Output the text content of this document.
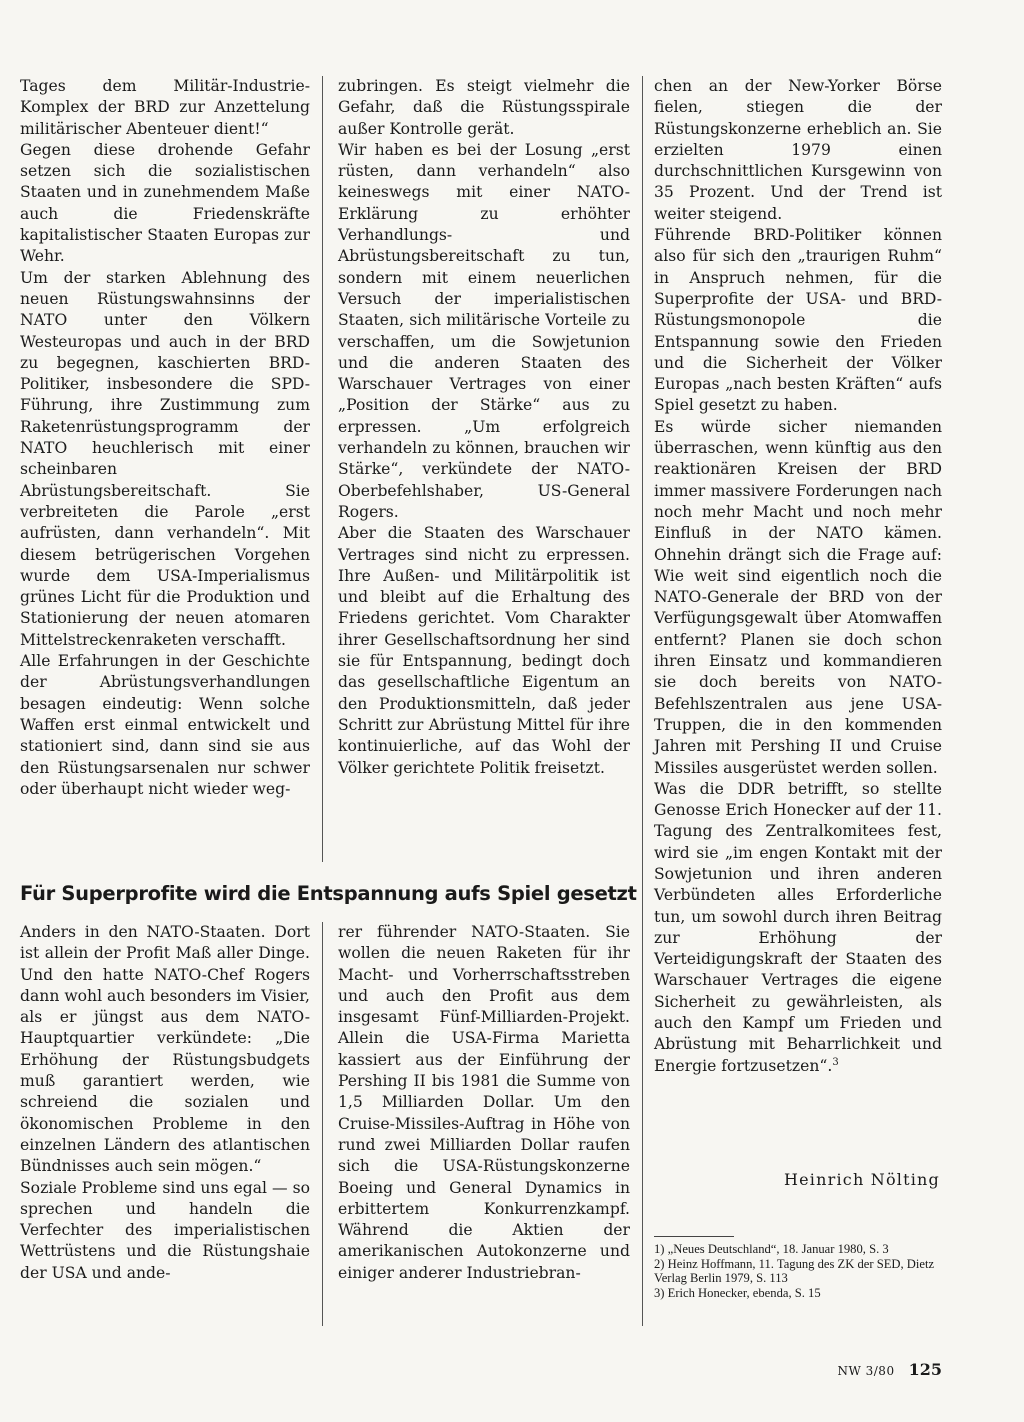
Tages dem Militär-Industrie-Komplex der BRD zur Anzettelung militärischer Abenteuer dient!“

Gegen diese drohende Gefahr setzen sich die sozialistischen Staaten und in zunehmendem Maße auch die Friedenskräfte kapitalistischer Staaten Europas zur Wehr.

Um der starken Ablehnung des neuen Rüstungswahnsinns der NATO unter den Völkern Westeuropas und auch in der BRD zu begegnen, kaschierten BRD-Politiker, insbesondere die SPD-Führung, ihre Zustimmung zum Raketenrüstungsprogramm der NATO heuchlerisch mit einer scheinbaren Abrüstungsbereitschaft. Sie verbreiteten die Parole „erst aufrüsten, dann verhandeln“. Mit diesem betrügerischen Vorgehen wurde dem USA-Imperialismus grünes Licht für die Produktion und Stationierung der neuen atomaren Mittelstreckenraketen verschafft.

Alle Erfahrungen in der Geschichte der Abrüstungsverhandlungen besagen eindeutig: Wenn solche Waffen erst einmal entwickelt und stationiert sind, dann sind sie aus den Rüstungsarsenalen nur schwer oder überhaupt nicht wieder weg-

zubringen. Es steigt vielmehr die Gefahr, daß die Rüstungsspirale außer Kontrolle gerät.

Wir haben es bei der Losung „erst rüsten, dann verhandeln“ also keineswegs mit einer NATO-Erklärung zu erhöhter Verhandlungs- und Abrüstungsbereitschaft zu tun, sondern mit einem neuerlichen Versuch der imperialistischen Staaten, sich militärische Vorteile zu verschaffen, um die Sowjetunion und die anderen Staaten des Warschauer Vertrages von einer „Position der Stärke“ aus zu erpressen. „Um erfolgreich verhandeln zu können, brauchen wir Stärke“, verkündete der NATO-Oberbefehlshaber, US-General Rogers.

Aber die Staaten des Warschauer Vertrages sind nicht zu erpressen. Ihre Außen- und Militärpolitik ist und bleibt auf die Erhaltung des Friedens gerichtet. Vom Charakter ihrer Gesellschaftsordnung her sind sie für Entspannung, bedingt doch das gesellschaftliche Eigentum an den Produktionsmitteln, daß jeder Schritt zur Abrüstung Mittel für ihre kontinuierliche, auf das Wohl der Völker gerichtete Politik freisetzt.

chen an der New-Yorker Börse fielen, stiegen die der Rüstungskonzerne erheblich an. Sie erzielten 1979 einen durchschnittlichen Kursgewinn von 35 Prozent. Und der Trend ist weiter steigend.

Führende BRD-Politiker können also für sich den „traurigen Ruhm“ in Anspruch nehmen, für die Superprofite der USA- und BRD-Rüstungsmonopole die Entspannung sowie den Frieden und die Sicherheit der Völker Europas „nach besten Kräften“ aufs Spiel gesetzt zu haben.

Es würde sicher niemanden überraschen, wenn künftig aus den reaktionären Kreisen der BRD immer massivere Forderungen nach noch mehr Macht und noch mehr Einfluß in der NATO kämen. Ohnehin drängt sich die Frage auf: Wie weit sind eigentlich noch die NATO-Generale der BRD von der Verfügungsgewalt über Atomwaffen entfernt? Planen sie doch schon ihren Einsatz und kommandieren sie doch bereits von NATO-Befehlszentralen aus jene USA-Truppen, die in den kommenden Jahren mit Pershing II und Cruise Missiles ausgerüstet werden sollen.

Was die DDR betrifft, so stellte Genosse Erich Honecker auf der 11. Tagung des Zentralkomitees fest, wird sie „im engen Kontakt mit der Sowjetunion und ihren anderen Verbündeten alles Erforderliche tun, um sowohl durch ihren Beitrag zur Erhöhung der Verteidigungskraft der Staaten des Warschauer Vertrages die eigene Sicherheit zu gewährleisten, als auch den Kampf um Frieden und Abrüstung mit Beharrlichkeit und Energie fortzusetzen“.$^3$

Für Superprofite wird die Entspannung aufs Spiel gesetzt

Anders in den NATO-Staaten. Dort ist allein der Profit Maß aller Dinge. Und den hatte NATO-Chef Rogers dann wohl auch besonders im Visier, als er jüngst aus dem NATO-Hauptquartier verkündete: „Die Erhöhung der Rüstungsbudgets muß garantiert werden, wie schreiend die sozialen und ökonomischen Probleme in den einzelnen Ländern des atlantischen Bündnisses auch sein mögen.“

Soziale Probleme sind uns egal — so sprechen und handeln die Verfechter des imperialistischen Wettrüstens und die Rüstungshaie der USA und ande-

rer führender NATO-Staaten. Sie wollen die neuen Raketen für ihr Macht- und Vorherrschaftsstreben und auch den Profit aus dem insgesamt Fünf-Milliarden-Projekt. Allein die USA-Firma Marietta kassiert aus der Einführung der Pershing II bis 1981 die Summe von 1,5 Milliarden Dollar. Um den Cruise-Missiles-Auftrag in Höhe von rund zwei Milliarden Dollar raufen sich die USA-Rüstungskonzerne Boeing und General Dynamics in erbittertem Konkurrenzkampf. Während die Aktien der amerikanischen Autokonzerne und einiger anderer Industriebran-

Heinrich Nölting
1) „Neues Deutschland“, 18. Januar 1980, S. 3
2) Heinz Hoffmann, 11. Tagung des ZK der SED, Dietz Verlag Berlin 1979, S. 113
3) Erich Honecker, ebenda, S. 15
NW 3/80 125
